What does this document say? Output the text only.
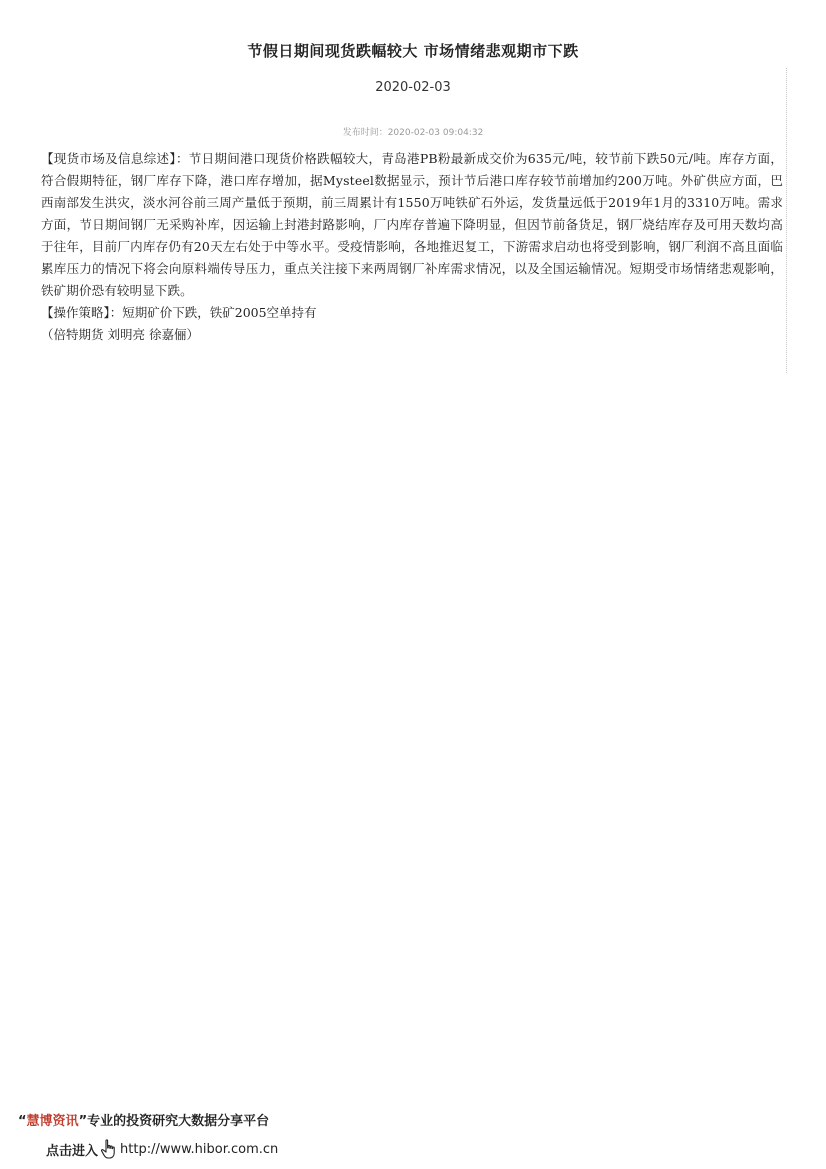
节假日期间现货跌幅较大 市场情绪悲观期市下跌
2020-02-03
发布时间：2020-02-03 09:04:32

【现货市场及信息综述】：节日期间港口现货价格跌幅较大，青岛港PB粉最新成交价为635元/吨，较节前下跌50元/吨。库存方面，符合假期特征，钢厂库存下降，港口库存增加，据Mysteel数据显示，预计节后港口库存较节前增加约200万吨。外矿供应方面，巴西南部发生洪灾，淡水河谷前三周产量低于预期，前三周累计有1550万吨铁矿石外运，发货量远低于2019年1月的3310万吨。需求方面，节日期间钢厂无采购补库，因运输上封港封路影响，厂内库存普遍下降明显，但因节前备货足，钢厂烧结库存及可用天数均高于往年，目前厂内库存仍有20天左右处于中等水平。受疫情影响，各地推迟复工，下游需求启动也将受到影响，钢厂利润不高且面临累库压力的情况下将会向原料端传导压力，重点关注接下来两周钢厂补库需求情况，以及全国运输情况。短期受市场情绪悲观影响，铁矿期价恐有较明显下跌。

【操作策略】：短期矿价下跌，铁矿2005空单持有

（倍特期货 刘明亮 徐嘉俪）

“慧博资讯”专业的投资研究大数据分享平台
点击进入 http://www.hibor.com.cn
